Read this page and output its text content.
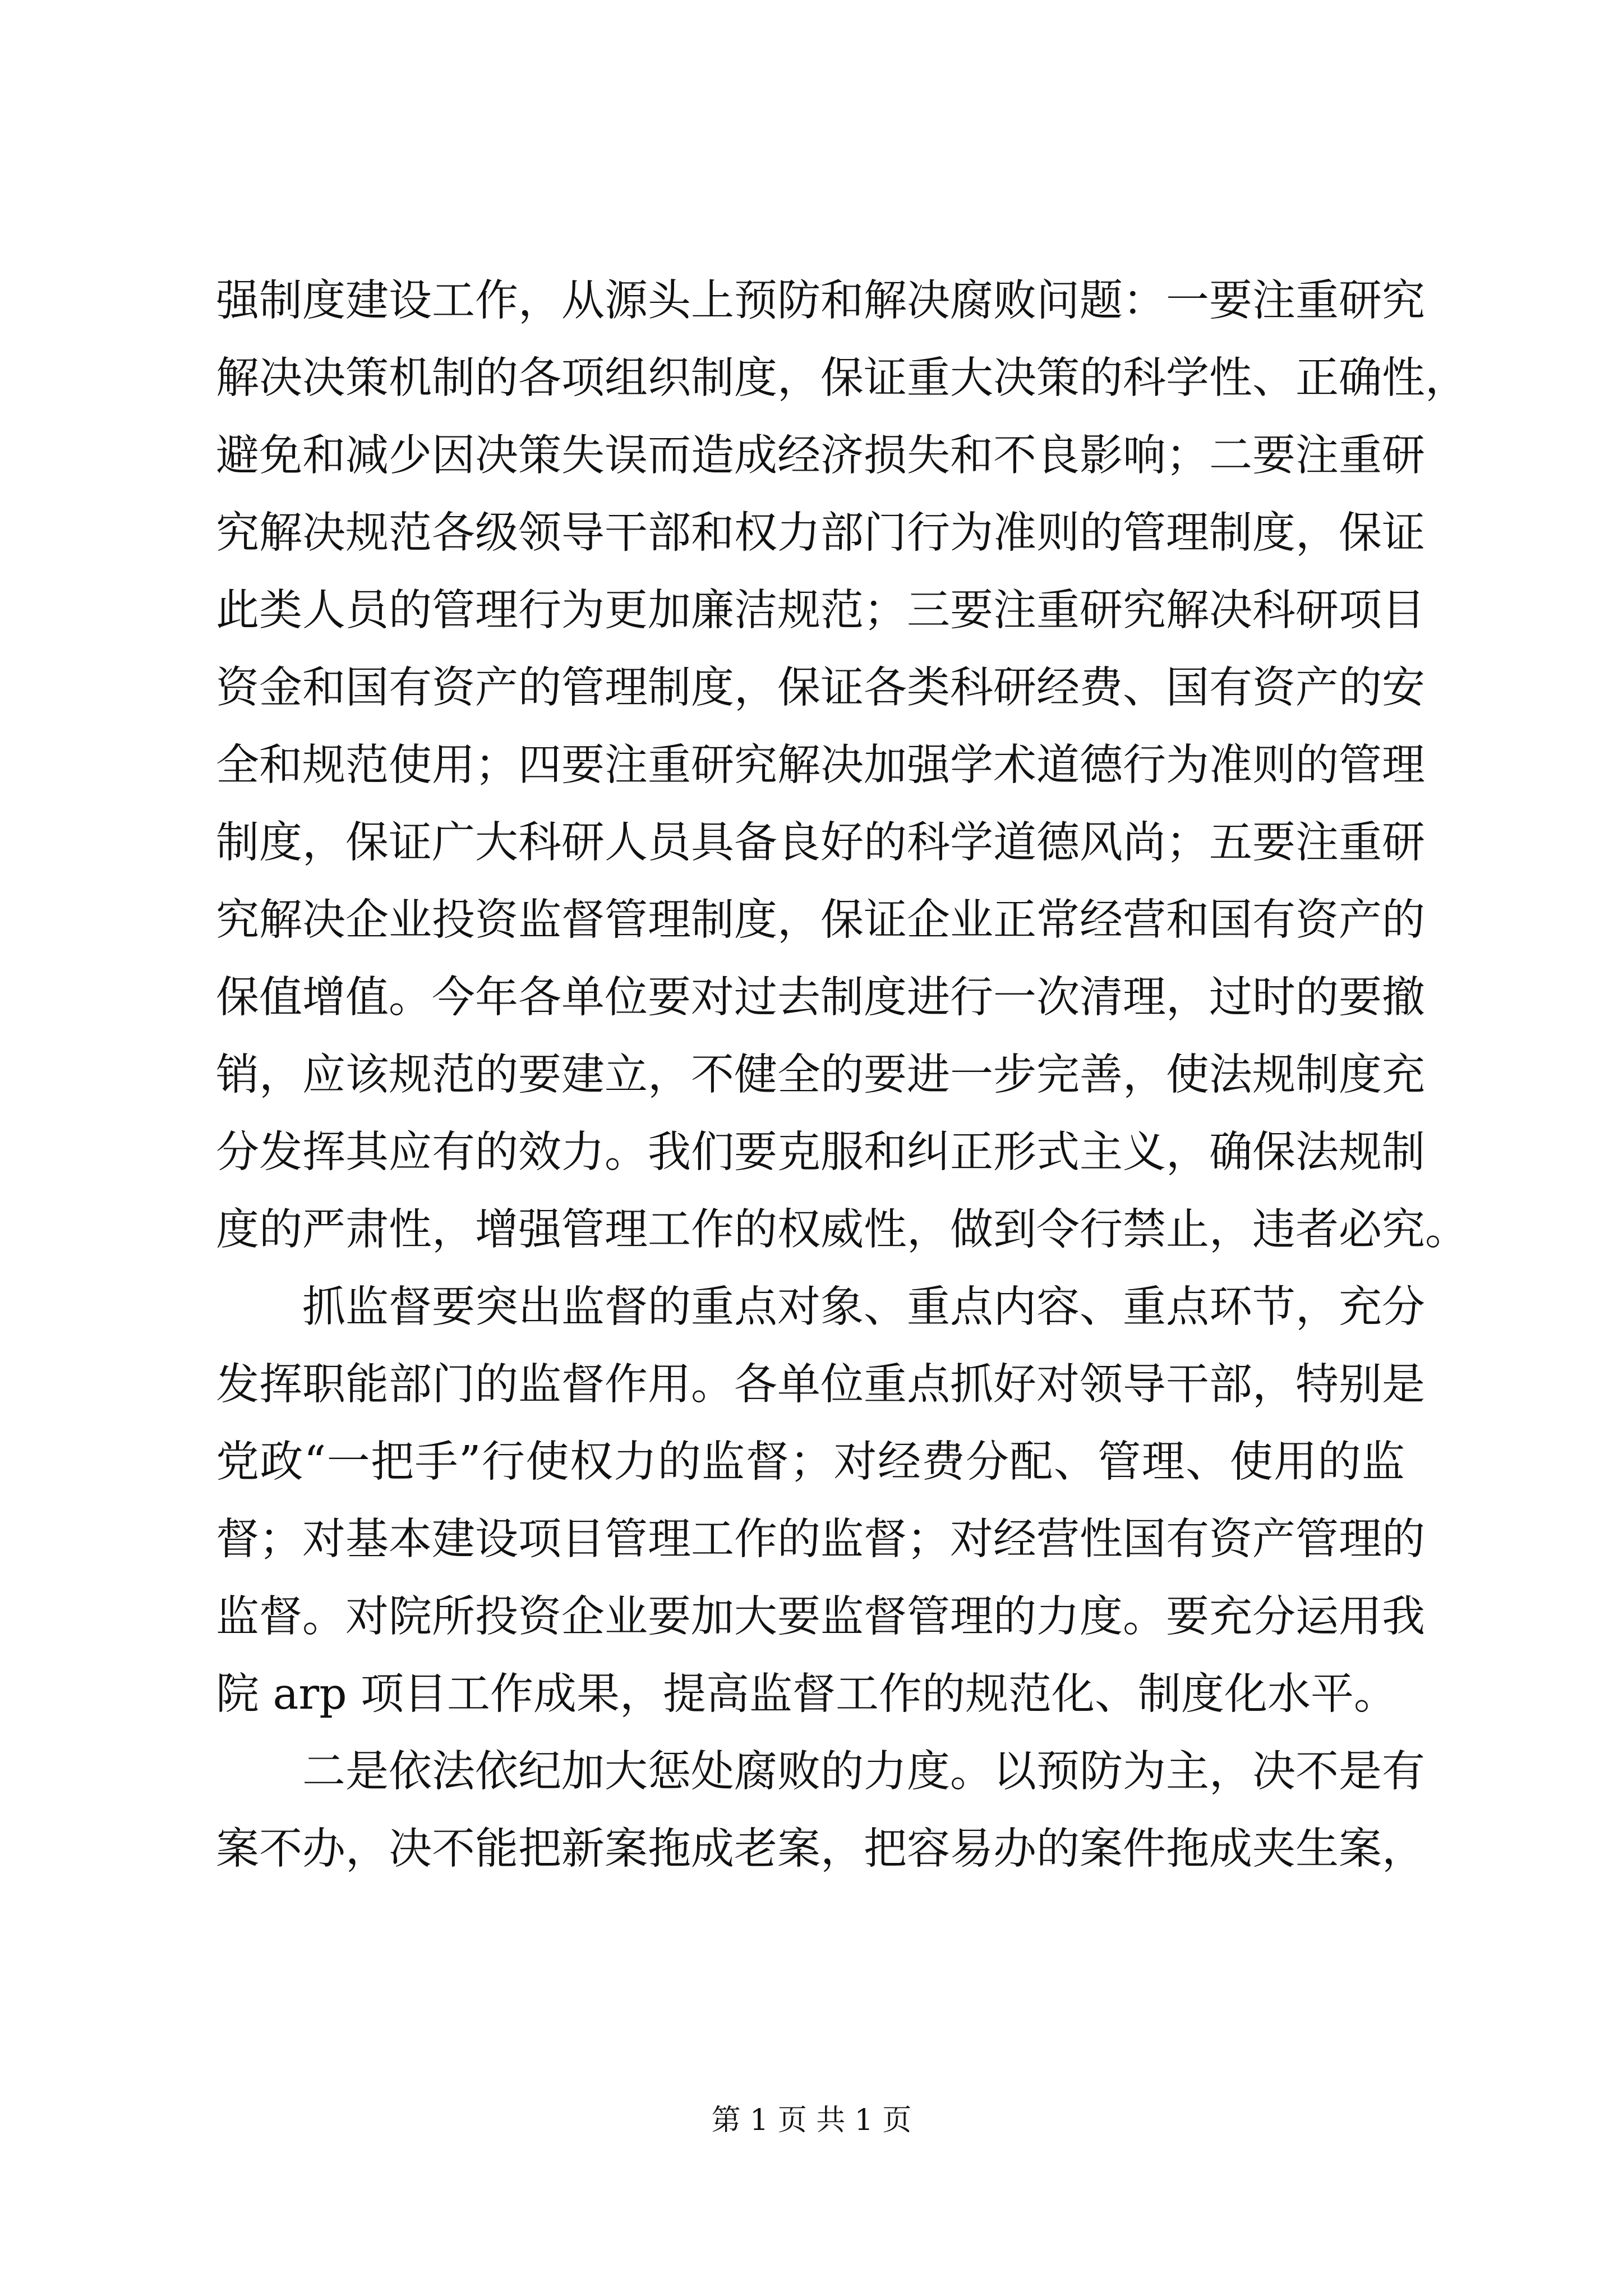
强制度建设工作，从源头上预防和解决腐败问题：一要注重研究
解决决策机制的各项组织制度，保证重大决策的科学性、正确性，
避免和减少因决策失误而造成经济损失和不良影响；二要注重研
究解决规范各级领导干部和权力部门行为准则的管理制度，保证
此类人员的管理行为更加廉洁规范；三要注重研究解决科研项目
资金和国有资产的管理制度，保证各类科研经费、国有资产的安
全和规范使用；四要注重研究解决加强学术道德行为准则的管理
制度，保证广大科研人员具备良好的科学道德风尚；五要注重研
究解决企业投资监督管理制度，保证企业正常经营和国有资产的
保值增值。今年各单位要对过去制度进行一次清理，过时的要撤
销，应该规范的要建立，不健全的要进一步完善，使法规制度充
分发挥其应有的效力。我们要克服和纠正形式主义，确保法规制
度的严肃性，增强管理工作的权威性，做到令行禁止，违者必究。
　　抓监督要突出监督的重点对象、重点内容、重点环节，充分
发挥职能部门的监督作用。各单位重点抓好对领导干部，特别是
党政“一把手”行使权力的监督；对经费分配、管理、使用的监
督；对基本建设项目管理工作的监督；对经营性国有资产管理的
监督。对院所投资企业要加大要监督管理的力度。要充分运用我
院 arp 项目工作成果，提高监督工作的规范化、制度化水平。
　　二是依法依纪加大惩处腐败的力度。以预防为主，决不是有
案不办，决不能把新案拖成老案，把容易办的案件拖成夹生案，
第 1 页 共 1 页
